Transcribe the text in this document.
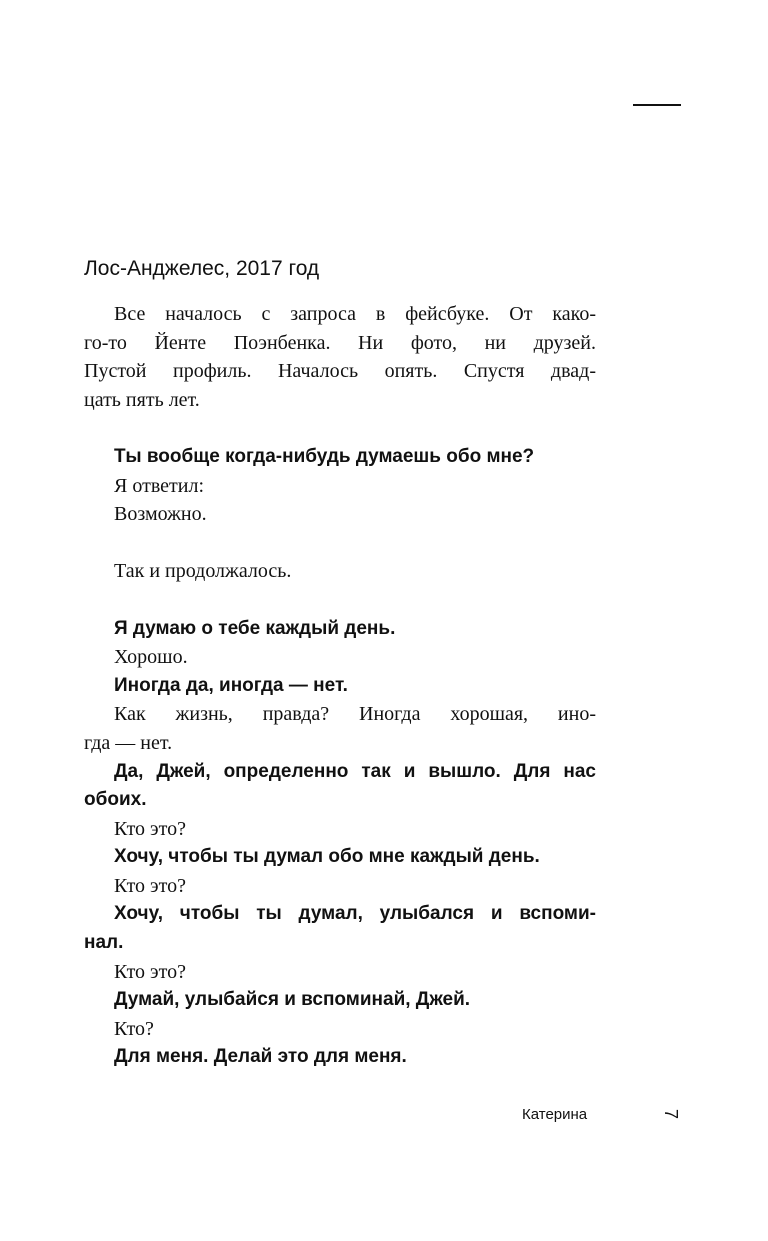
Лос-Анджелес, 2017 год
Все началось с запроса в фейсбуке. От како-
го-то Йенте Поэнбенка. Ни фото, ни друзей.
Пустой профиль. Началось опять. Спустя двад-
цать пять лет.
Ты вообще когда-нибудь думаешь обо мне?
Я ответил:
Возможно.
Так и продолжалось.
Я думаю о тебе каждый день.
Хорошо.
Иногда да, иногда — нет.
Как жизнь, правда? Иногда хорошая, ино-
гда — нет.
Да, Джей, определенно так и вышло. Для нас
обоих.
Кто это?
Хочу, чтобы ты думал обо мне каждый день.
Кто это?
Хочу, чтобы ты думал, улыбался и вспоми-
нал.
Кто это?
Думай, улыбайся и вспоминай, Джей.
Кто?
Для меня. Делай это для меня.
Катерина	7
